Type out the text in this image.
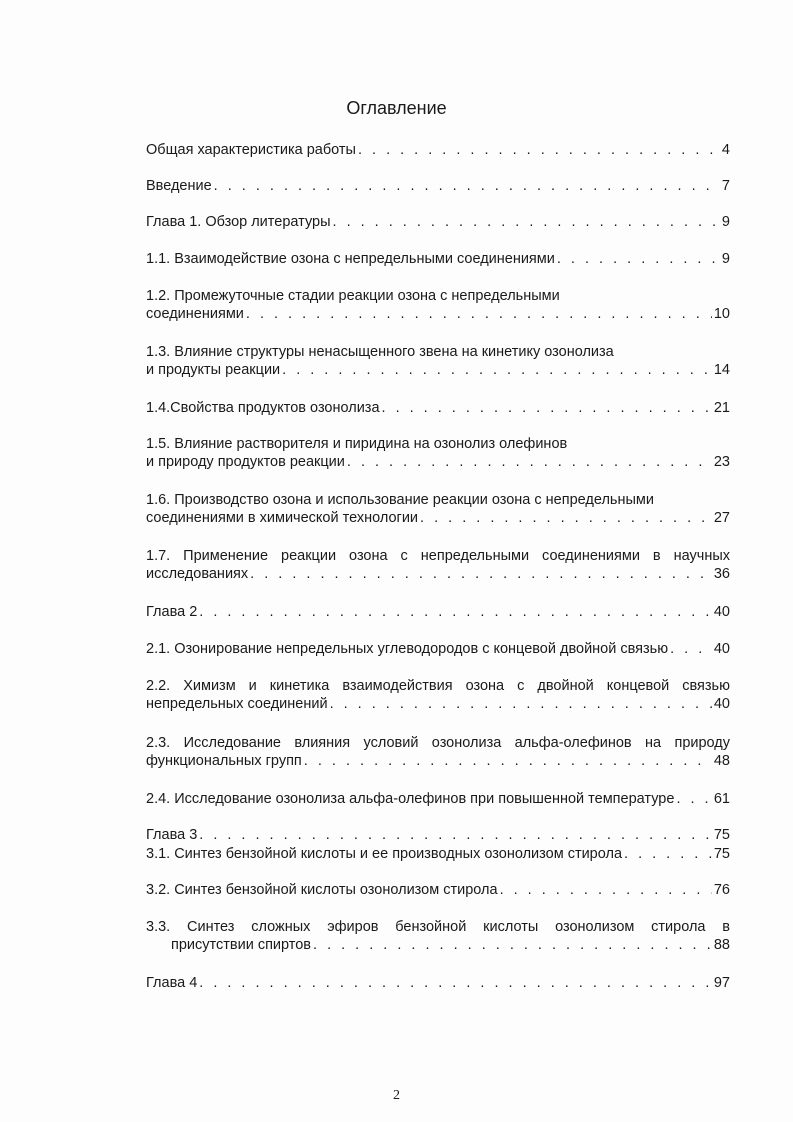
Оглавление
Общая характеристика работы . . .	4
Введение . . .	7
Глава 1. Обзор литературы . . .	9
1.1. Взаимодействие озона с непредельными соединениями . . .	9
1.2. Промежуточные стадии реакции озона с непредельными
соединениями . . .	10
1.3. Влияние структуры ненасыщенного звена на кинетику озонолиза
и продукты реакции . . .	14
1.4.Свойства продуктов озонолиза . . .	21
1.5. Влияние растворителя и пиридина на озонолиз олефинов
и природу продуктов реакции . . .	23
1.6. Производство озона и использование реакции озона с непредельными
соединениями в химической технологии . . .	27
1.7. Применение реакции озона с непредельными соединениями в научных
исследованиях . . .	36
Глава 2 . . .	40
2.1. Озонирование непредельных углеводородов с концевой двойной связью . . .	40
2.2. Химизм и кинетика взаимодействия озона с двойной концевой связью
непредельных соединений . . .	40
2.3. Исследование влияния условий озонолиза альфа-олефинов на природу
функциональных групп . . .	48
2.4. Исследование озонолиза альфа-олефинов при повышенной температуре . . .	61
Глава 3 . . .	75
3.1. Синтез бензойной кислоты и ее производных озонолизом стирола . . .	75
3.2. Синтез бензойной кислоты озонолизом стирола . . .	76
3.3. Синтез сложных эфиров бензойной кислоты озонолизом стирола в
присутствии спиртов . . .	88
Глава 4 . . .	97
2
